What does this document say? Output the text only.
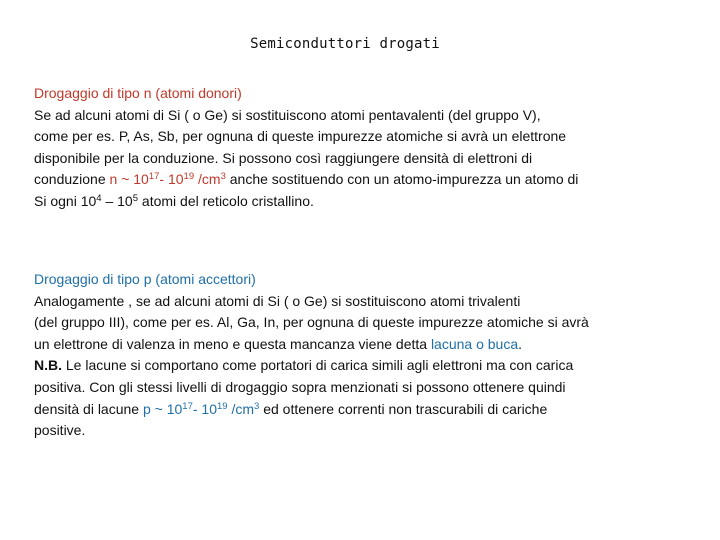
Semiconduttori drogati
Drogaggio di tipo n (atomi donori)
Se ad alcuni atomi di Si ( o Ge) si sostituiscono atomi pentavalenti (del gruppo V),
come per es. P, As, Sb, per ognuna di queste impurezze atomiche si avrà un elettrone
disponibile per la conduzione. Si possono così raggiungere densità di elettroni di
conduzione n ~ $10^{17}-$ $10^{19}$ $/cm^3$ anche sostituendo con un atomo-impurezza un atomo di
Si ogni $10^4 - 10^5$ atomi del reticolo cristallino.
Drogaggio di tipo p (atomi accettori)
Analogamente , se ad alcuni atomi di Si ( o Ge) si sostituiscono atomi trivalenti
(del gruppo III), come per es. Al, Ga, In, per ognuna di queste impurezze atomiche si avrà
un elettrone di valenza in meno e questa mancanza viene detta lacuna o buca.
N.B. Le lacune si comportano come portatori di carica simili agli elettroni ma con carica
positiva. Con gli stessi livelli di drogaggio sopra menzionati si possono ottenere quindi
densità di lacune p ~ $10^{17}-$ $10^{19}$ $/cm^3$ ed ottenere correnti non trascurabili di cariche
positive.
